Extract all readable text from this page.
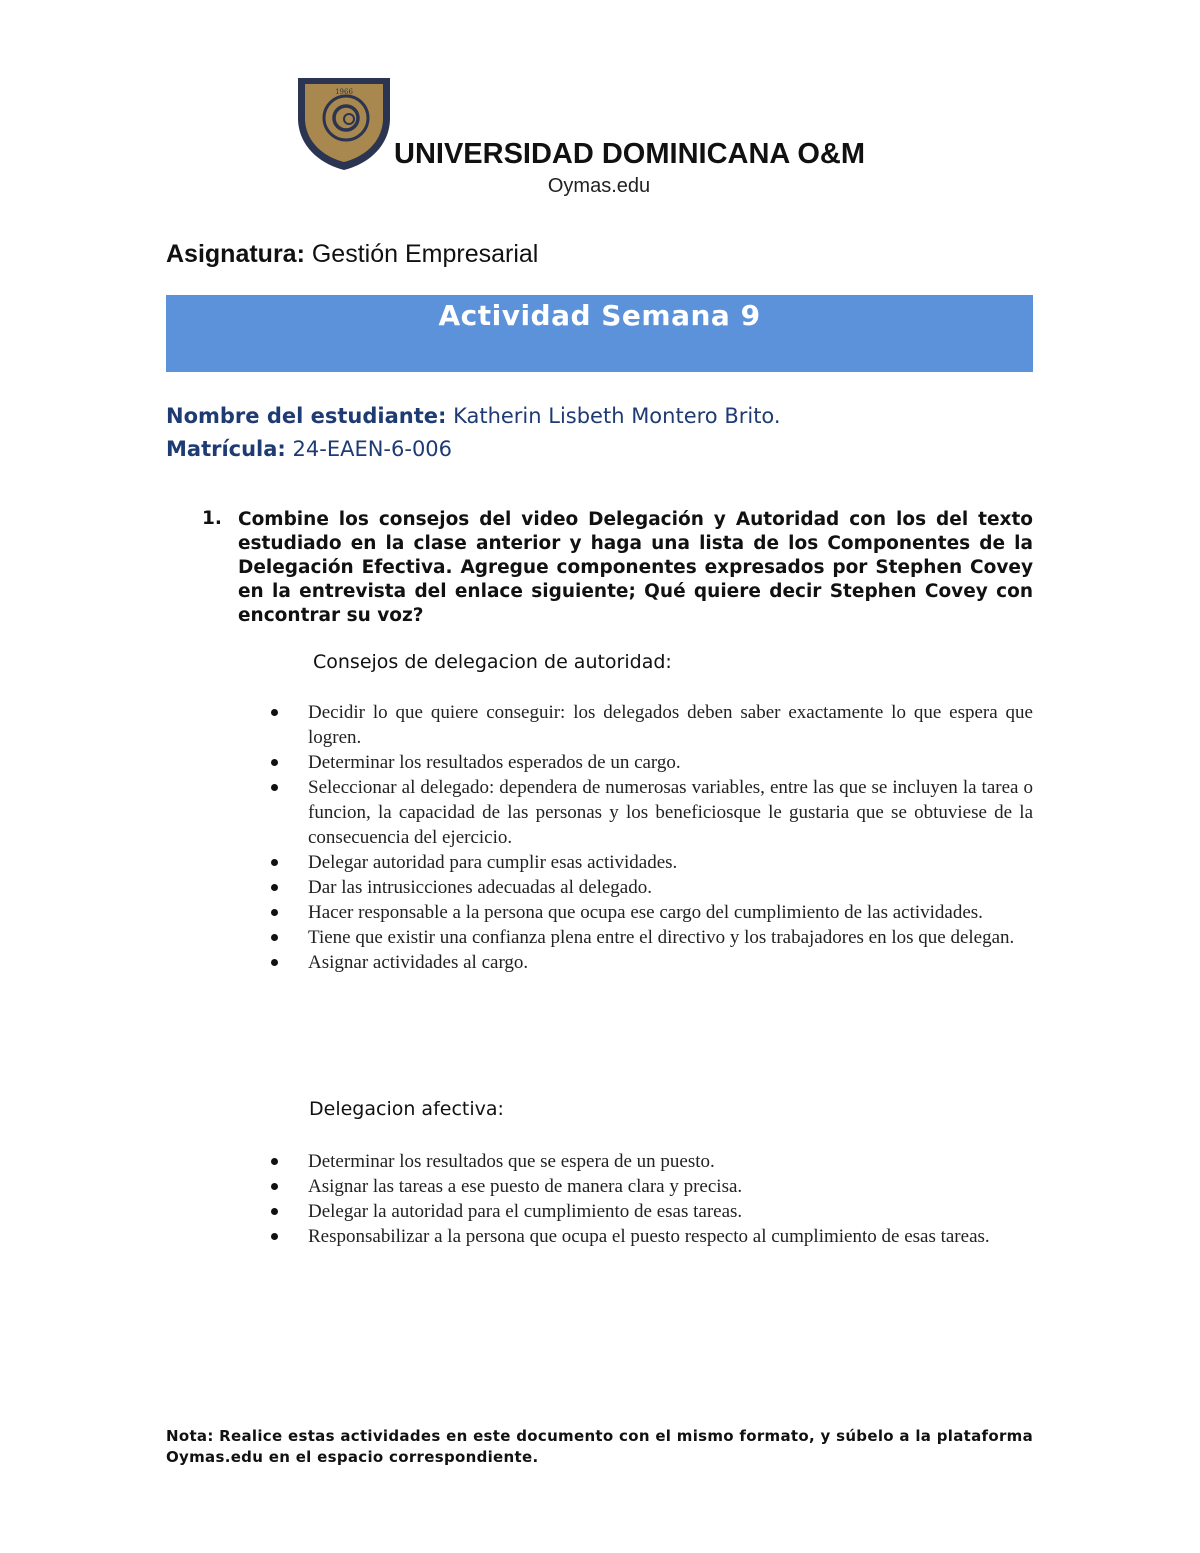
1966
UNIVERSIDAD DOMINICANA O&M
Oymas.edu
Asignatura: Gestión Empresarial
Actividad Semana 9
Nombre del estudiante: Katherin Lisbeth Montero Brito.
Matrícula: 24-EAEN-6-006
1. Combine los consejos del video Delegación y Autoridad con los del texto estudiado en la clase anterior y haga una lista de los Componentes de la Delegación Efectiva. Agregue componentes expresados por Stephen Covey en la entrevista del enlace siguiente; Qué quiere decir Stephen Covey con encontrar su voz?
Consejos de delegacion de autoridad:
Decidir lo que quiere conseguir: los delegados deben saber exactamente lo que espera que logren.
Determinar los resultados esperados de un cargo.
Seleccionar al delegado: dependera de numerosas variables, entre las que se incluyen la tarea o funcion, la capacidad de las personas y los beneficiosque le gustaria que se obtuviese de la consecuencia del ejercicio.
Delegar autoridad para cumplir esas actividades.
Dar las intrusicciones adecuadas al delegado.
Hacer responsable a la persona que ocupa ese cargo del cumplimiento de las actividades.
Tiene que existir una confianza plena entre el directivo y los trabajadores en los que delegan.
Asignar actividades al cargo.
Delegacion afectiva:
Determinar los resultados que se espera de un puesto.
Asignar las tareas a ese puesto de manera clara y precisa.
Delegar la autoridad para el cumplimiento de esas tareas.
Responsabilizar a la persona que ocupa el puesto respecto al cumplimiento de esas tareas.
Nota: Realice estas actividades en este documento con el mismo formato, y súbelo a la plataforma Oymas.edu en el espacio correspondiente.
